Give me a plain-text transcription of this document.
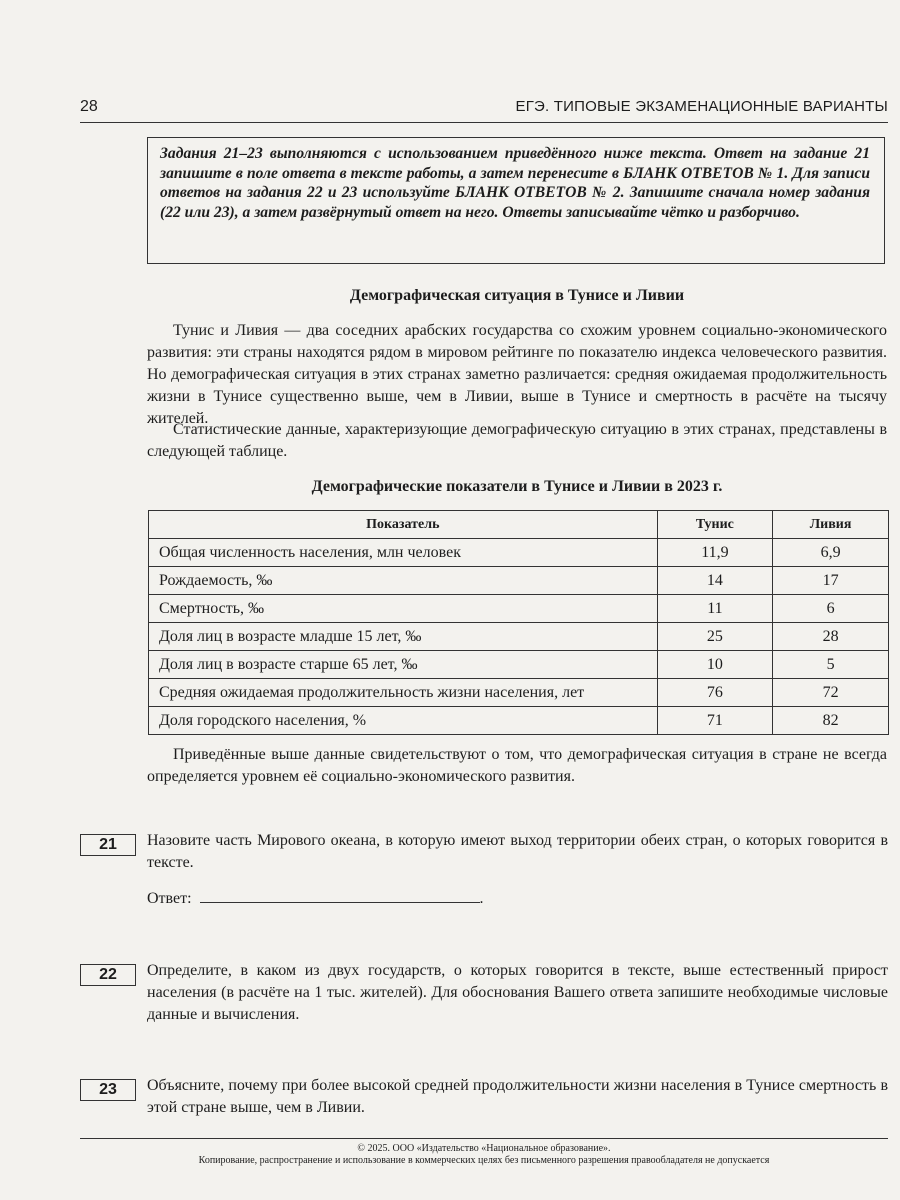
28	ЕГЭ. ТИПОВЫЕ ЭКЗАМЕНАЦИОННЫЕ ВАРИАНТЫ
Задания 21–23 выполняются с использованием приведённого ниже текста. Ответ на задание 21 запишите в поле ответа в тексте работы, а затем перенесите в БЛАНК ОТВЕТОВ № 1. Для записи ответов на задания 22 и 23 используйте БЛАНК ОТВЕТОВ № 2. Запишите сначала номер задания (22 или 23), а затем развёрнутый ответ на него. Ответы записывайте чётко и разборчиво.
Демографическая ситуация в Тунисе и Ливии

Тунис и Ливия — два соседних арабских государства со схожим уровнем социально-экономического развития: эти страны находятся рядом в мировом рейтинге по показателю индекса человеческого развития. Но демографическая ситуация в этих странах заметно различается: средняя ожидаемая продолжительность жизни в Тунисе существенно выше, чем в Ливии, выше в Тунисе и смертность в расчёте на тысячу жителей.

Статистические данные, характеризующие демографическую ситуацию в этих странах, представлены в следующей таблице.

Демографические показатели в Тунисе и Ливии в 2023 г.
Показатель	Тунис	Ливия
Общая численность населения, млн человек	11,9	6,9
Рождаемость, ‰	14	17
Смертность, ‰	11	6
Доля лиц в возрасте младше 15 лет, ‰	25	28
Доля лиц в возрасте старше 65 лет, ‰	10	5
Средняя ожидаемая продолжительность жизни населения, лет	76	72
Доля городского населения, %	71	82

Приведённые выше данные свидетельствуют о том, что демографическая ситуация в стране не всегда определяется уровнем её социально-экономического развития.

21	Назовите часть Мирового океана, в которую имеют выход территории обеих стран, о которых говорится в тексте.

Ответ:	.
22	Определите, в каком из двух государств, о которых говорится в тексте, выше естественный прирост населения (в расчёте на 1 тыс. жителей). Для обоснования Вашего ответа запишите необходимые числовые данные и вычисления.

23	Объясните, почему при более высокой средней продолжительности жизни населения в Тунисе смертность в этой стране выше, чем в Ливии.

© 2025. ООО «Издательство «Национальное образование».
Копирование, распространение и использование в коммерческих целях без письменного разрешения правообладателя не допускается
